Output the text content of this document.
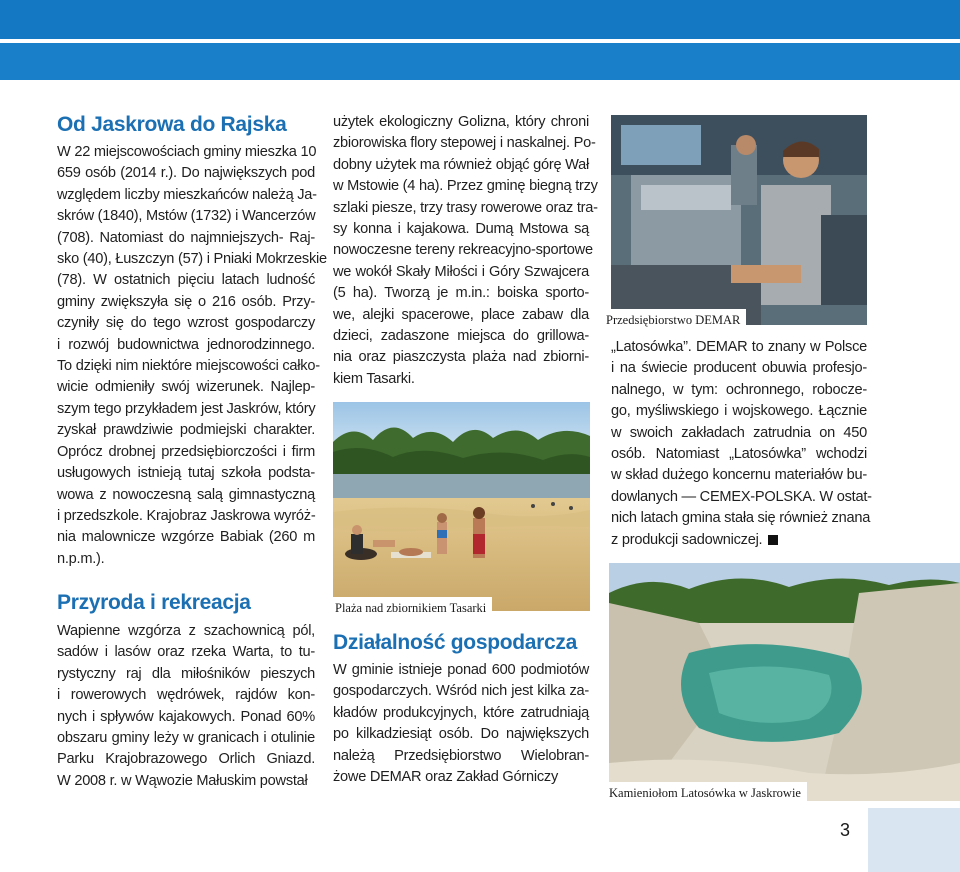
Od Jaskrowa do Rajska
W 22 miejscowościach gminy mieszka 10
659 osób (2014 r.). Do największych pod
względem liczby mieszkańców należą Ja-
skrów (1840), Mstów (1732) i Wancerzów
(708). Natomiast do najmniejszych- Raj-
sko (40), Łuszczyn (57) i Pniaki Mokrzeskie
(78). W ostatnich pięciu latach ludność
gminy zwiększyła się o 216 osób. Przy-
czyniły się do tego wzrost gospodarczy
i rozwój budownictwa jednorodzinnego.
To dzięki nim niektóre miejscowości całko-
wicie odmieniły swój wizerunek. Najlep-
szym tego przykładem jest Jaskrów, który
zyskał prawdziwie podmiejski charakter.
Oprócz drobnej przedsiębiorczości i firm
usługowych istnieją tutaj szkoła podsta-
wowa z nowoczesną salą gimnastyczną
i przedszkole. Krajobraz Jaskrowa wyróż-
nia malownicze wzgórze Babiak (260 m
n.p.m.).
Przyroda i rekreacja
Wapienne wzgórza z szachownicą pól,
sadów i lasów oraz rzeka Warta, to tu-
rystyczny raj dla miłośników pieszych
i rowerowych wędrówek, rajdów kon-
nych i spływów kajakowych. Ponad 60%
obszaru gminy leży w granicach i otulinie
Parku Krajobrazowego Orlich Gniazd.
W 2008 r. w Wąwozie Małuskim powstał
użytek ekologiczny Golizna, który chroni
zbiorowiska flory stepowej i naskalnej. Po-
dobny użytek ma również objąć górę Wał
w Mstowie (4 ha). Przez gminę biegną trzy
szlaki piesze, trzy trasy rowerowe oraz tra-
sy konna i kajakowa. Dumą Mstowa są
nowoczesne tereny rekreacyjno-sportowe
we wokół Skały Miłości i Góry Szwajcera
(5 ha). Tworzą je m.in.: boiska sporto-
we, alejki spacerowe, place zabaw dla
dzieci, zadaszone miejsca do grillowa-
nia oraz piaszczysta plaża nad zbiorni-
kiem Tasarki.
Plaża nad zbiornikiem Tasarki
Działalność gospodarcza
W gminie istnieje ponad 600 podmiotów
gospodarczych. Wśród nich jest kilka za-
kładów produkcyjnych, które zatrudniają
po kilkadziesiąt osób. Do największych
należą Przedsiębiorstwo Wielobran-
żowe DEMAR oraz Zakład Górniczy
Przedsiębiorstwo DEMAR
„Latosówka”. DEMAR to znany w Polsce
i na świecie producent obuwia profesjo-
nalnego, w tym: ochronnego, robocze-
go, myśliwskiego i wojskowego. Łącznie
w swoich zakładach zatrudnia on 450
osób. Natomiast „Latosówka” wchodzi
w skład dużego koncernu materiałów bu-
dowlanych — CEMEX-POLSKA. W ostat-
nich latach gmina stała się również znana
z produkcji sadowniczej.
Kamieniołom Latosówka w Jaskrowie
3
